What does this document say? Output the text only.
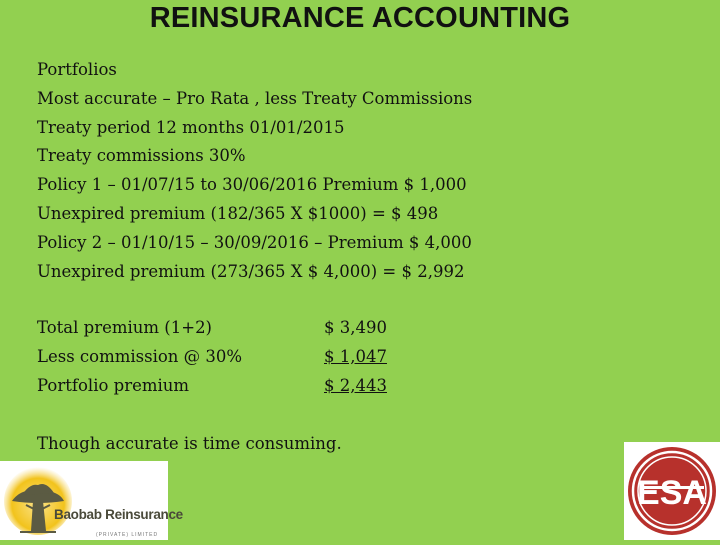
REINSURANCE ACCOUNTING
Portfolios
Most accurate – Pro Rata , less Treaty Commissions
Treaty period 12 months 01/01/2015
Treaty commissions 30%
Policy 1 – 01/07/15 to 30/06/2016 Premium $ 1,000
Unexpired premium (182/365 X $1000) = $ 498
Policy 2 – 01/10/15 – 30/09/2016 – Premium $ 4,000
Unexpired premium (273/365 X $ 4,000) = $ 2,992
Total premium (1+2)	$ 3,490
Less commission @ 30%	$ 1,047
Portfolio premium	$ 2,443
Though accurate is time consuming.
Baobab Reinsurance
(PRIVATE) LIMITED
ESA
